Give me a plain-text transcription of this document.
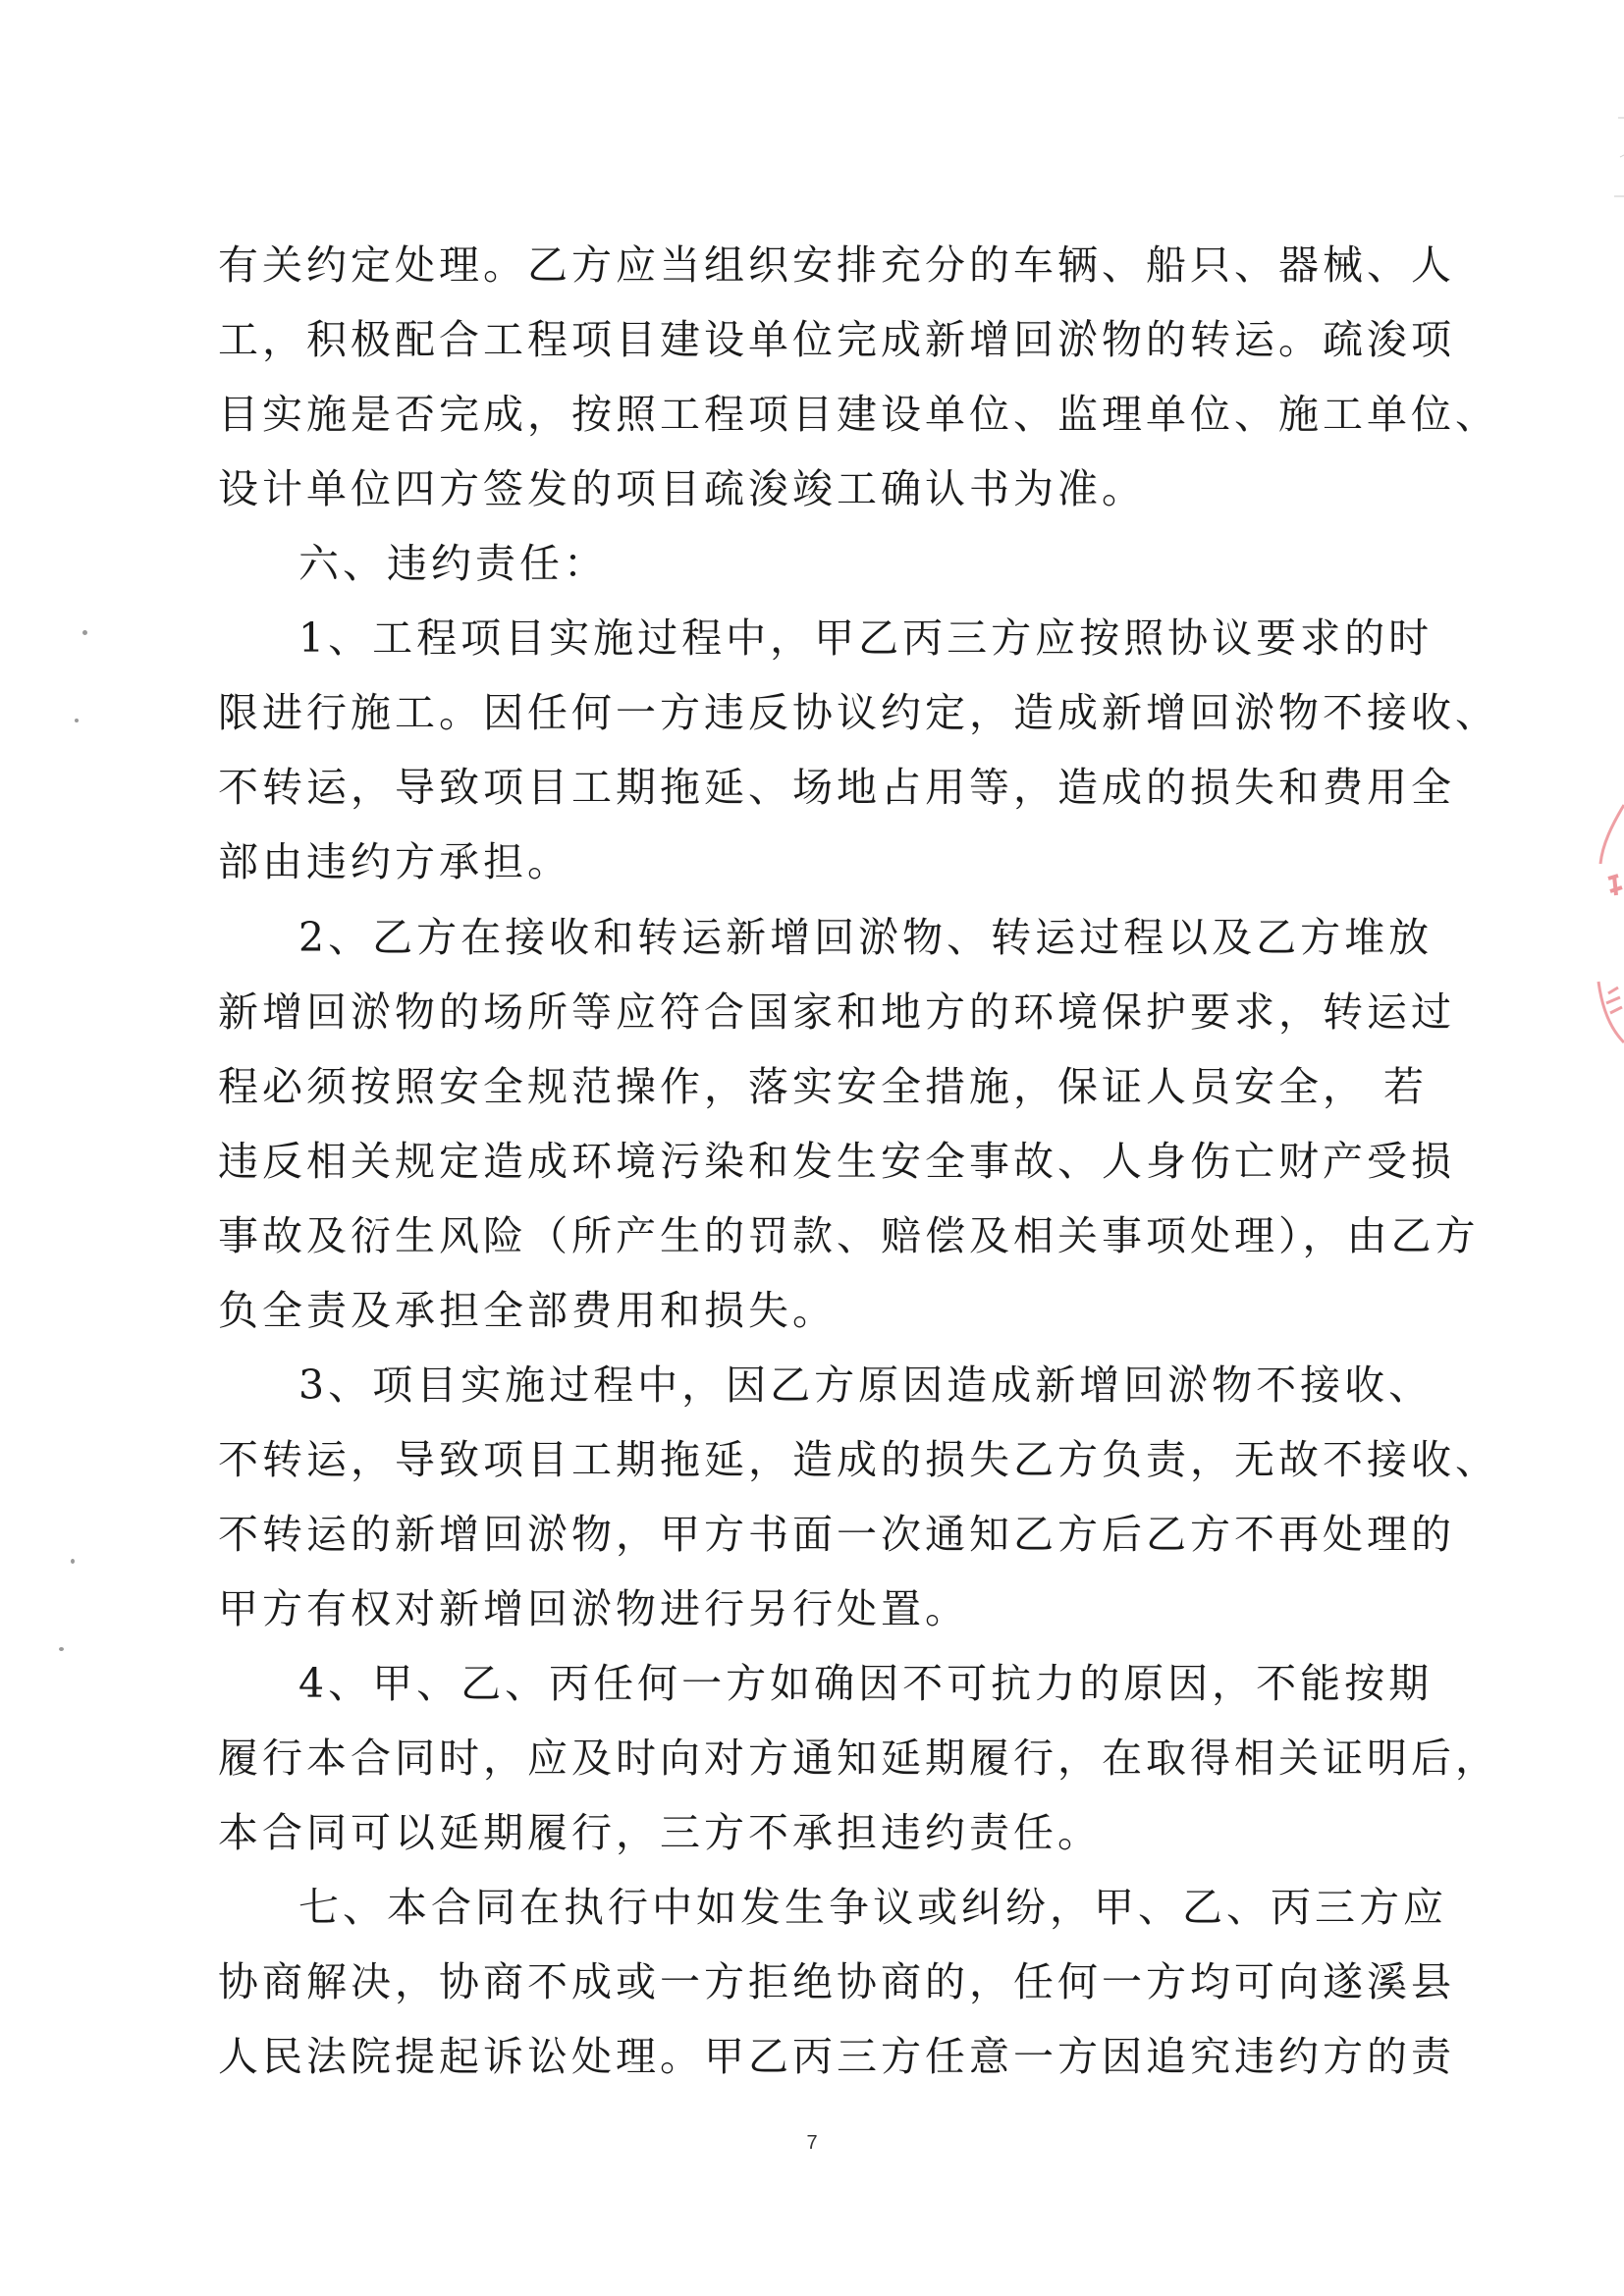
有关约定处理。乙方应当组织安排充分的车辆、船只、器械、人
工，积极配合工程项目建设单位完成新增回淤物的转运。疏浚项
目实施是否完成，按照工程项目建设单位、监理单位、施工单位、
设计单位四方签发的项目疏浚竣工确认书为准。
六、违约责任：
1、工程项目实施过程中，甲乙丙三方应按照协议要求的时
限进行施工。因任何一方违反协议约定，造成新增回淤物不接收、
不转运，导致项目工期拖延、场地占用等，造成的损失和费用全
部由违约方承担。
2、乙方在接收和转运新增回淤物、转运过程以及乙方堆放
新增回淤物的场所等应符合国家和地方的环境保护要求，转运过
程必须按照安全规范操作，落实安全措施，保证人员安全， 若
违反相关规定造成环境污染和发生安全事故、人身伤亡财产受损
事故及衍生风险（所产生的罚款、赔偿及相关事项处理），由乙方
负全责及承担全部费用和损失。
3、项目实施过程中，因乙方原因造成新增回淤物不接收、
不转运，导致项目工期拖延，造成的损失乙方负责，无故不接收、
不转运的新增回淤物，甲方书面一次通知乙方后乙方不再处理的
甲方有权对新增回淤物进行另行处置。
4、甲、乙、丙任何一方如确因不可抗力的原因，不能按期
履行本合同时，应及时向对方通知延期履行，在取得相关证明后，
本合同可以延期履行，三方不承担违约责任。
七、本合同在执行中如发生争议或纠纷，甲、乙、丙三方应
协商解决，协商不成或一方拒绝协商的，任何一方均可向遂溪县
人民法院提起诉讼处理。甲乙丙三方任意一方因追究违约方的责
7
